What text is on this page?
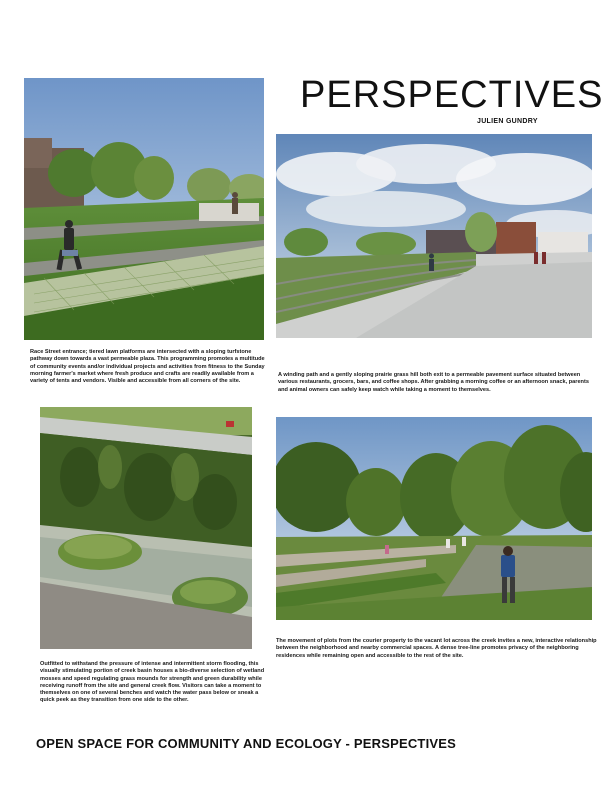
PERSPECTIVES
JULIEN GUNDRY
A winding path and a gently sloping prairie grass hill both exit to a permeable pavement surface situated between various restaurants, grocers, bars, and coffee shops. After grabbing a morning coffee or an afternoon snack, parents and animal owners can safely keep watch while taking a moment to themselves.
Race Street entrance; tiered lawn platforms are intersected with a sloping turfstone pathway down towards a vast permeable plaza. This programming promotes a multitude of community events and/or individual projects and activities from fitness to the Sunday morning farmer's market where fresh produce and crafts are readily available from a variety of tents and vendors. Visible and accessible from all corners of the site.
Outfitted to withstand the pressure of intense and intermittent storm flooding, this visually stimulating portion of creek basin houses a bio-diverse selection of wetland mosses and speed regulating grass mounds for strength and green durability while receiving runoff from the site and general creek flow. Visitors can take a moment to themselves on one of several benches and watch the water pass below or sneak a quick peek as they transition from one side to the other.
The movement of plots from the courier property to the vacant lot across the creek invites a new, interactive relationship between the neighborhood and nearby commercial spaces. A dense tree-line promotes privacy of the neighboring residences while remaining open and accessible to the rest of the site.
OPEN SPACE FOR COMMUNITY AND ECOLOGY - PERSPECTIVES
